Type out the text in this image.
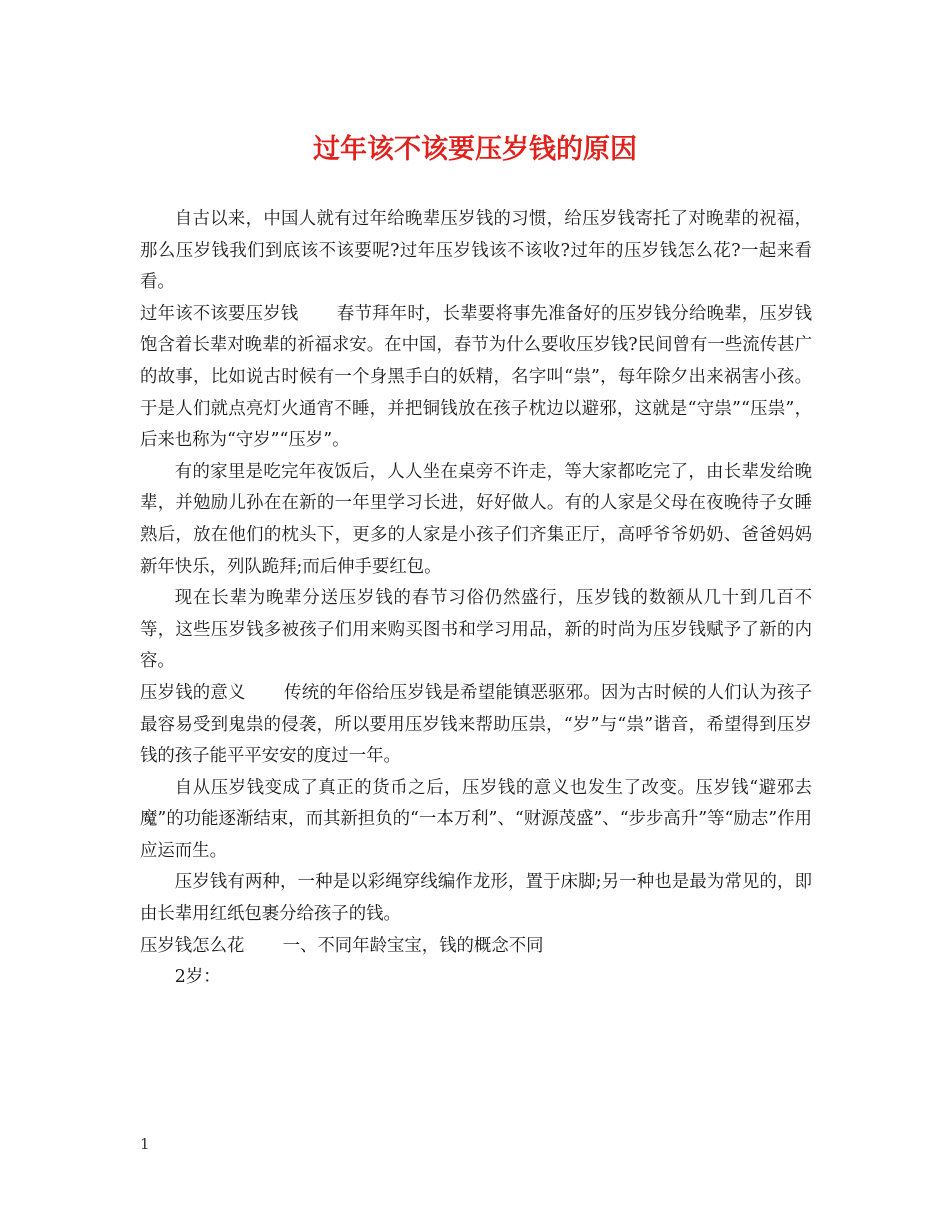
过年该不该要压岁钱的原因

自古以来，中国人就有过年给晚辈压岁钱的习惯，给压岁钱寄托了对晚辈的祝福，那么压岁钱我们到底该不该要呢?过年压岁钱该不该收?过年的压岁钱怎么花?一起来看看。

过年该不该要压岁钱 春节拜年时，长辈要将事先准备好的压岁钱分给晚辈，压岁钱饱含着长辈对晚辈的祈福求安。在中国，春节为什么要收压岁钱?民间曾有一些流传甚广的故事，比如说古时候有一个身黑手白的妖精，名字叫“祟”，每年除夕出来祸害小孩。于是人们就点亮灯火通宵不睡，并把铜钱放在孩子枕边以避邪，这就是“守祟”“压祟”，后来也称为“守岁”“压岁”。

有的家里是吃完年夜饭后，人人坐在桌旁不许走，等大家都吃完了，由长辈发给晚辈，并勉励儿孙在在新的一年里学习长进，好好做人。有的人家是父母在夜晚待子女睡熟后，放在他们的枕头下，更多的人家是小孩子们齐集正厅，高呼爷爷奶奶、爸爸妈妈新年快乐，列队跪拜;而后伸手要红包。

现在长辈为晚辈分送压岁钱的春节习俗仍然盛行，压岁钱的数额从几十到几百不等，这些压岁钱多被孩子们用来购买图书和学习用品，新的时尚为压岁钱赋予了新的内容。

压岁钱的意义 传统的年俗给压岁钱是希望能镇恶驱邪。因为古时候的人们认为孩子最容易受到鬼祟的侵袭，所以要用压岁钱来帮助压祟，“岁”与“祟”谐音，希望得到压岁钱的孩子能平平安安的度过一年。

自从压岁钱变成了真正的货币之后，压岁钱的意义也发生了改变。压岁钱“避邪去魔”的功能逐渐结束，而其新担负的“一本万利”、“财源茂盛”、“步步高升”等“励志”作用应运而生。

压岁钱有两种，一种是以彩绳穿线编作龙形，置于床脚;另一种也是最为常见的，即由长辈用红纸包裹分给孩子的钱。

压岁钱怎么花 一、不同年龄宝宝，钱的概念不同

2岁：

1
